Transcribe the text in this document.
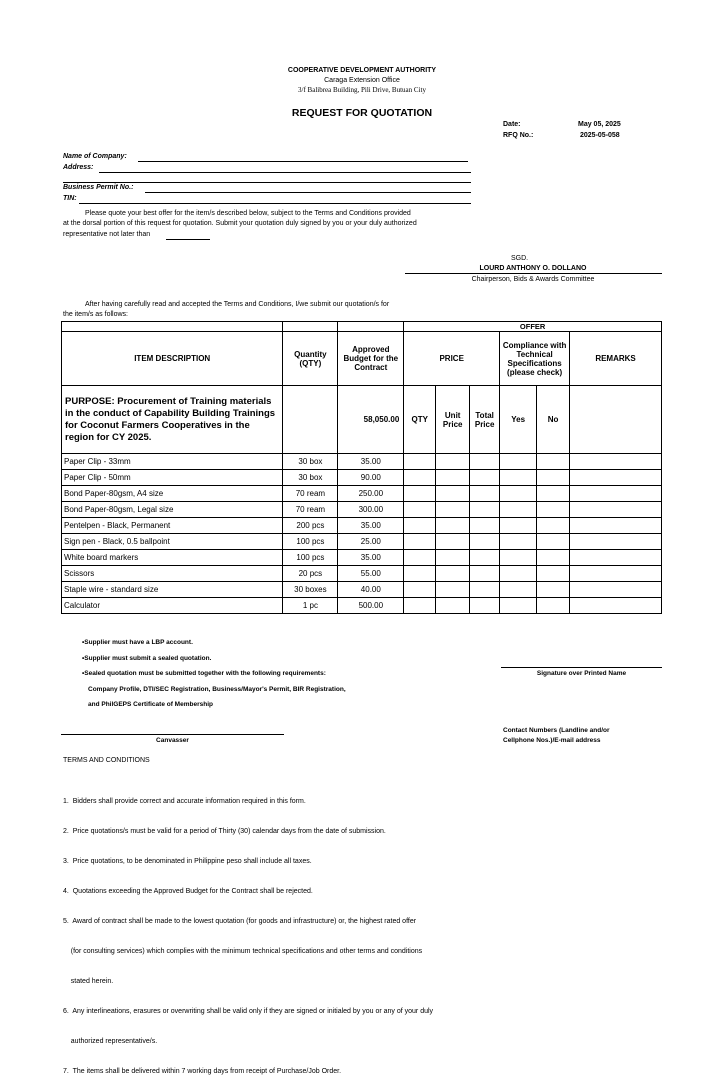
COOPERATIVE DEVELOPMENT AUTHORITY
Caraga Extension Office
3/f Balibrea Building, Pili Drive, Butuan City
REQUEST FOR QUOTATION
Date:	May 05, 2025
RFQ No.:	2025-05-058
Name of Company:
Address:
Business Permit No.:
TIN:
Please quote your best offer for the item/s described below, subject to the Terms and Conditions provided
at the dorsal portion of this request for quotation. Submit your quotation duly signed by you or your duly authorized
representative not later than
SGD.
LOURD ANTHONY O. DOLLANO
Chairperson, Bids & Awards Committee
After having carefully read and accepted the Terms and Conditions, I/we submit our quotation/s for
the item/s as follows:
			OFFER					
ITEM DESCRIPTION	Quantity (QTY)	Approved Budget for the Contract	PRICE			Compliance with Technical Specifications (please check)		REMARKS
PURPOSE: Procurement of Training materials in the conduct of Capability Building Trainings for Coconut Farmers Cooperatives in the region for CY 2025.		58,050.00	QTY	Unit Price	Total Price	Yes	No	
Paper Clip - 33mm	30 box	35.00						
Paper Clip - 50mm	30 box	90.00						
Bond Paper-80gsm, A4 size	70 ream	250.00						
Bond Paper-80gsm, Legal size	70 ream	300.00						
Pentelpen - Black, Permanent	200 pcs	35.00						
Sign pen - Black, 0.5 ballpoint	100 pcs	25.00						
White board markers	100 pcs	35.00						
Scissors	20 pcs	55.00						
Staple wire - standard size	30 boxes	40.00						
Calculator	1 pc	500.00						
•Supplier must have a LBP account.
•Supplier must submit a sealed quotation.
•Sealed quotation must be submitted together with the following requirements:
Company Profile, DTI/SEC Registration, Business/Mayor's Permit, BIR Registration,
and PhilGEPS Certificate of Membership
Signature over Printed Name
Contact Numbers (Landline and/or
Cellphone Nos.)/E-mail address
Canvasser
TERMS AND CONDITIONS

1.  Bidders shall provide correct and accurate information required in this form.

2.  Price quotations/s must be valid for a period of Thirty (30) calendar days from the date of submission.

3.  Price quotations, to be denominated in Philippine peso shall include all taxes.

4.  Quotations exceeding the Approved Budget for the Contract shall be rejected.

5.  Award of contract shall be made to the lowest quotation (for goods and infrastructure) or, the highest rated offer

(for consulting services) which complies with the minimum technical specifications and other terms and conditions

stated herein.

6.  Any interlineations, erasures or overwriting shall be valid only if they are signed or initialed by you or any of your duly

authorized representative/s.

7.  The items shall be delivered within 7 working days from receipt of Purchase/Job Order.
